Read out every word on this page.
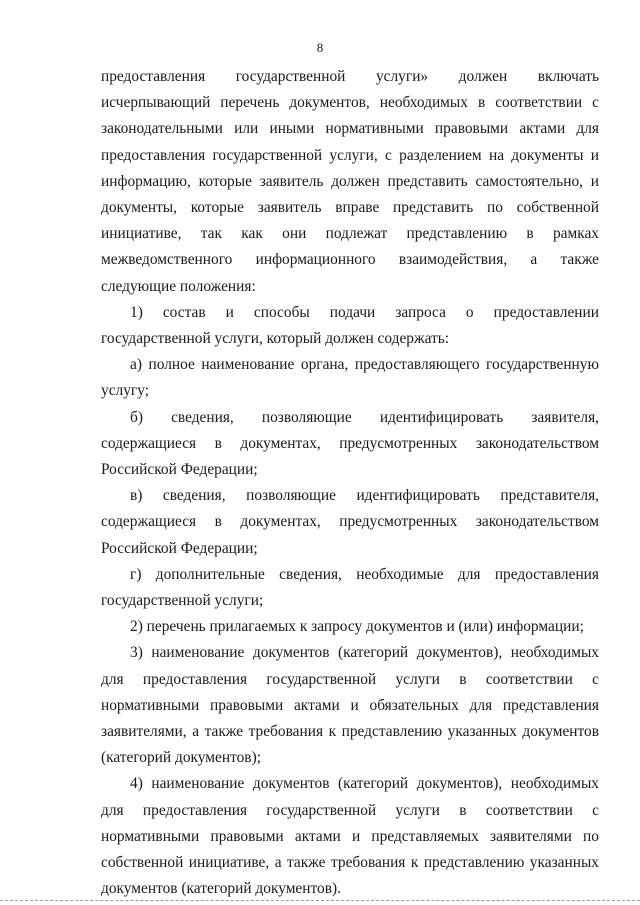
8

предоставления государственной услуги» должен включать исчерпывающий перечень документов, необходимых в соответствии с законодательными или иными нормативными правовыми актами для предоставления государственной услуги, с разделением на документы и информацию, которые заявитель должен представить самостоятельно, и документы, которые заявитель вправе представить по собственной инициативе, так как они подлежат представлению в рамках межведомственного информационного взаимодействия, а также следующие положения:

1) состав и способы подачи запроса о предоставлении государственной услуги, который должен содержать:

а) полное наименование органа, предоставляющего государственную услугу;

б) сведения, позволяющие идентифицировать заявителя, содержащиеся в документах, предусмотренных законодательством Российской Федерации;

в) сведения, позволяющие идентифицировать представителя, содержащиеся в документах, предусмотренных законодательством Российской Федерации;

г) дополнительные сведения, необходимые для предоставления государственной услуги;

2) перечень прилагаемых к запросу документов и (или) информации;

3) наименование документов (категорий документов), необходимых для предоставления государственной услуги в соответствии с нормативными правовыми актами и обязательных для представления заявителями, а также требования к представлению указанных документов (категорий документов);

4) наименование документов (категорий документов), необходимых для предоставления государственной услуги в соответствии с нормативными правовыми актами и представляемых заявителями по собственной инициативе, а также требования к представлению указанных документов (категорий документов).
